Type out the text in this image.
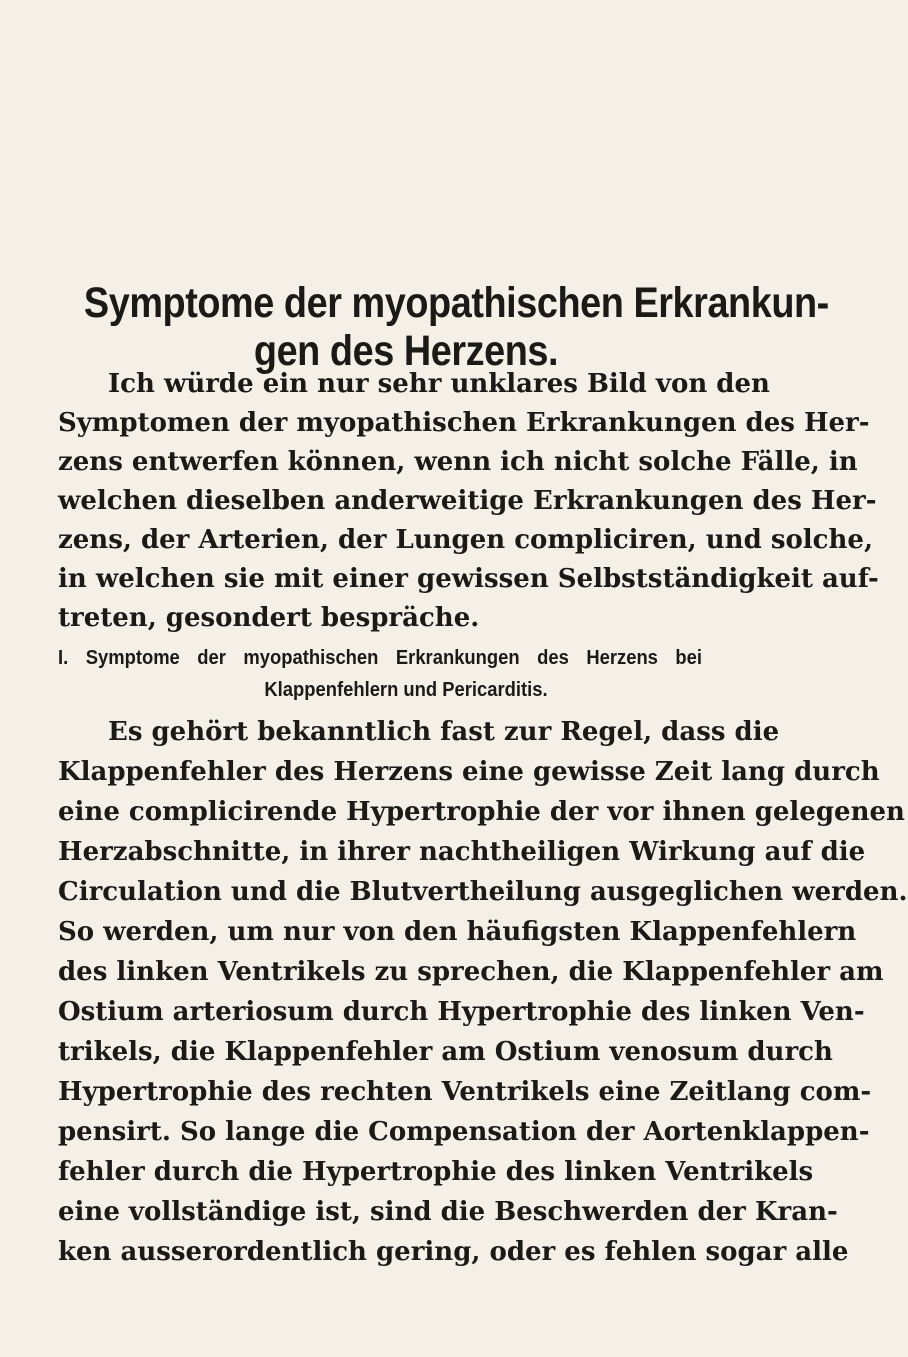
Symptome der myopathischen Erkrankun-
gen des Herzens.
Ich würde ein nur sehr unklares Bild von den
Symptomen der myopathischen Erkrankungen des Her-
zens entwerfen können, wenn ich nicht solche Fälle, in
welchen dieselben anderweitige Erkrankungen des Her-
zens, der Arterien, der Lungen compliciren, und solche,
in welchen sie mit einer gewissen Selbstständigkeit auf-
treten, gesondert bespräche.
I. Symptome der myopathischen Erkrankungen des Herzens bei
Klappenfehlern und Pericarditis.
Es gehört bekanntlich fast zur Regel, dass die
Klappenfehler des Herzens eine gewisse Zeit lang durch
eine complicirende Hypertrophie der vor ihnen gelegenen
Herzabschnitte, in ihrer nachtheiligen Wirkung auf die
Circulation und die Blutvertheilung ausgeglichen werden.
So werden, um nur von den häufigsten Klappenfehlern
des linken Ventrikels zu sprechen, die Klappenfehler am
Ostium arteriosum durch Hypertrophie des linken Ven-
trikels, die Klappenfehler am Ostium venosum durch
Hypertrophie des rechten Ventrikels eine Zeitlang com-
pensirt. So lange die Compensation der Aortenklappen-
fehler durch die Hypertrophie des linken Ventrikels
eine vollständige ist, sind die Beschwerden der Kran-
ken ausserordentlich gering, oder es fehlen sogar alle
